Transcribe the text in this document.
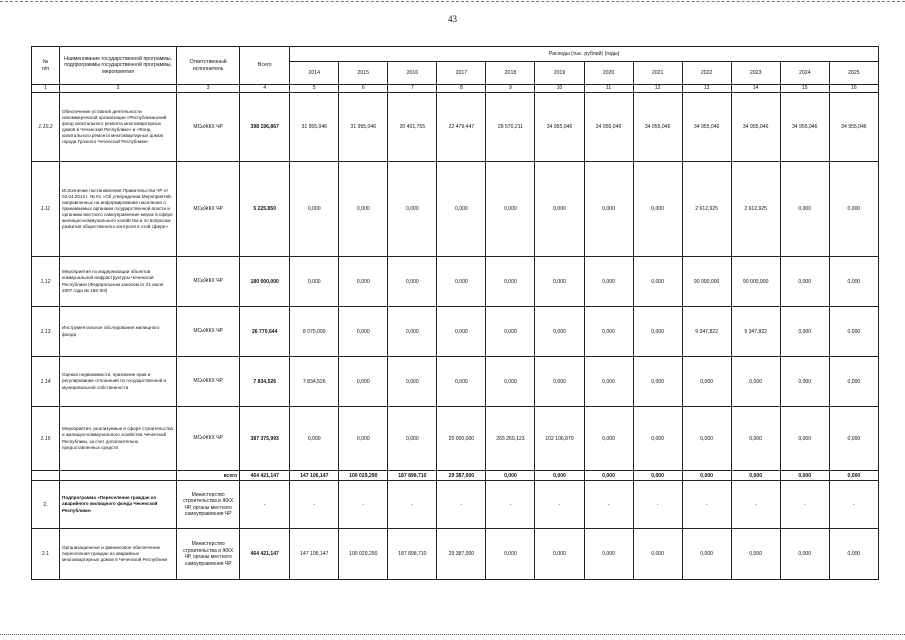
43
№
п/п	Наименование государственной программы, подпрограммы государственной программы, мероприятия	Ответственный исполнитель	Всего	Расходы (тыс. рублей) (годы)											
				2014	2015	2016	2017	2018	2019	2020	2021	2022	2023	2024	2025
1	2	3	4	5	6	7	8	9	10	11	12	13	14	15	16
1.10.2	Обеспечение уставной деятельности некоммерческой организации «Республиканский фонд капитального ремонта многоквартирных домов в Чеченской Республике» и «Фонд капитального ремонта многоквартирных домов города Грозного Чеченской Республики»	МСиЖКХ ЧР	398 196,867	31 955,046	31 955,046	20 401,755	22 479,447	28 570,211	34 955,046	34 955,046	34 955,046	34 955,046	34 955,046	34 955,046	34 955,046
1.11	Исполнение постановления Правительства ЧР от 02.04.2013 г. № 81 «Об утверждении Мероприятий, направленных на информирование населения о принимаемых органами государственной власти и органами местного самоуправления мерах в сфере жилищно-коммунального хозяйства и по вопросам развития общественного контроля в этой сфере»	МСиЖКХ ЧР	5 225,850	0,000	0,000	0,000	0,000	0,000	0,000	0,000	0,000	2 612,925	2 612,925	0,000	0,000
1.12	Мероприятия по модернизации объектов коммунальной инфраструктуры Чеченской Республики (Федеральным законом от 21 июля 2007 года № 185-ФЗ)	МСиЖКХ ЧР	180 000,000	0,000	0,000	0,000	0,000	0,000	0,000	0,000	0,000	90 000,000	90 000,000	0,000	0,000
1.13	Инструментальное обследование жилищного фонда	МСиЖКХ ЧР	26 770,644	8 075,000	0,000	0,000	0,000	0,000	0,000	0,000	0,000	9 347,822	9 347,822	0,000	0,000
1.14	Оценка недвижимости, признание прав и регулирование отношений по государственной и муниципальной собственности	МСиЖКХ ЧР	7 834,526	7 834,526	0,000	0,000	0,000	0,000	0,000	0,000	0,000	0,000	0,000	0,000	0,000
1.15	Мероприятия, реализуемые в сфере строительства и жилищно-коммунального хозяйства Чеченской Республики, за счет дополнительно предоставленных средств	МСиЖКХ ЧР	387 375,993	0,000	0,000	0,000	20 000,000	265 269,123	102 106,870	0,000	0,000	0,000	0,000	0,000	0,000
		всего	464 421,147	147 106,147	100 029,290	187 898,710	29 387,000	0,000	0,000	0,000	0,000	0,000	0,000	0,000	0,000
2.	Подпрограмма «Переселение граждан из аварийного жилищного фонда Чеченской Республики»	Министерство строительства и ЖКХ ЧР, органы местного самоуправления ЧР	-	-	-	-	-	-	-	-	-	-	-	-	-
2.1	Организационное и финансовое обеспечение переселения граждан из аварийных многоквартирных домов в Чеченской Республике	Министерство строительства и ЖКХ ЧР, органы местного самоуправления ЧР	464 421,147	147 106,147	100 029,290	187 898,710	29 387,000	0,000	0,000	0,000	0,000	0,000	0,000	0,000	0,000
